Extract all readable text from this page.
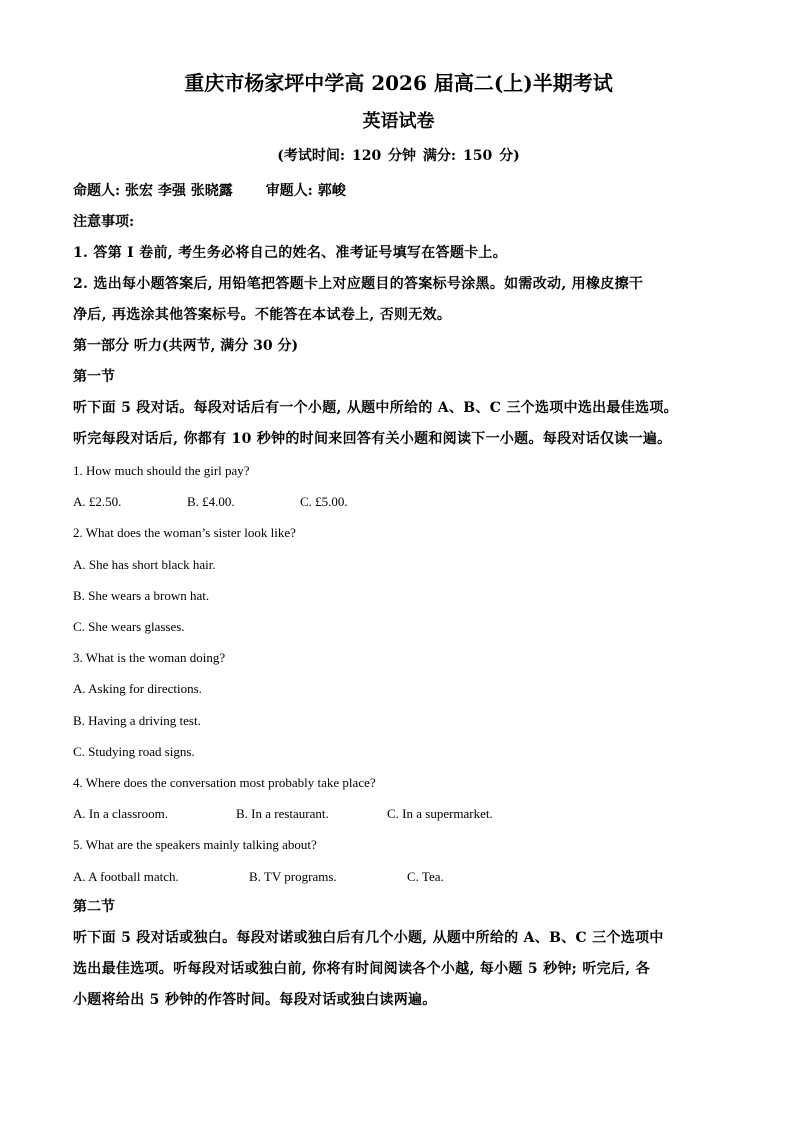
重庆市杨家坪中学高 2026 届高二(上)半期考试
英语试卷
(考试时间: 120 分钟 满分: 150 分)

命题人: 张宏 李强 张晓露 审题人: 郭峻

注意事项:

1. 答第 I 卷前, 考生务必将自己的姓名、准考证号填写在答题卡上。

2. 选出每小题答案后, 用铅笔把答题卡上对应题目的答案标号涂黑。如需改动, 用橡皮擦干

净后, 再选涂其他答案标号。不能答在本试卷上, 否则无效。

第一部分 听力(共两节, 满分 30 分)

第一节

听下面 5 段对话。每段对话后有一个小题, 从题中所给的 A、B、C 三个选项中选出最佳选项。

听完每段对话后, 你都有 10 秒钟的时间来回答有关小题和阅读下一小题。每段对话仅读一遍。

1. How much should the girl pay?

A. £2.50.	B. £4.00.	C. £5.00.

2. What does the woman’s sister look like?

A. She has short black hair.

B. She wears a brown hat.

C. She wears glasses.

3. What is the woman doing?

A. Asking for directions.

B. Having a driving test.

C. Studying road signs.

4. Where does the conversation most probably take place?

A. In a classroom.	B. In a restaurant.	C. In a supermarket.

5. What are the speakers mainly talking about?

A. A football match.	B. TV programs.	C. Tea.

第二节

听下面 5 段对话或独白。每段对诺或独白后有几个小题, 从题中所给的 A、B、C 三个选项中

选出最佳选项。听每段对话或独白前, 你将有时间阅读各个小越, 每小题 5 秒钟; 听完后, 各

小题将给出 5 秒钟的作答时间。每段对话或独白读两遍。
